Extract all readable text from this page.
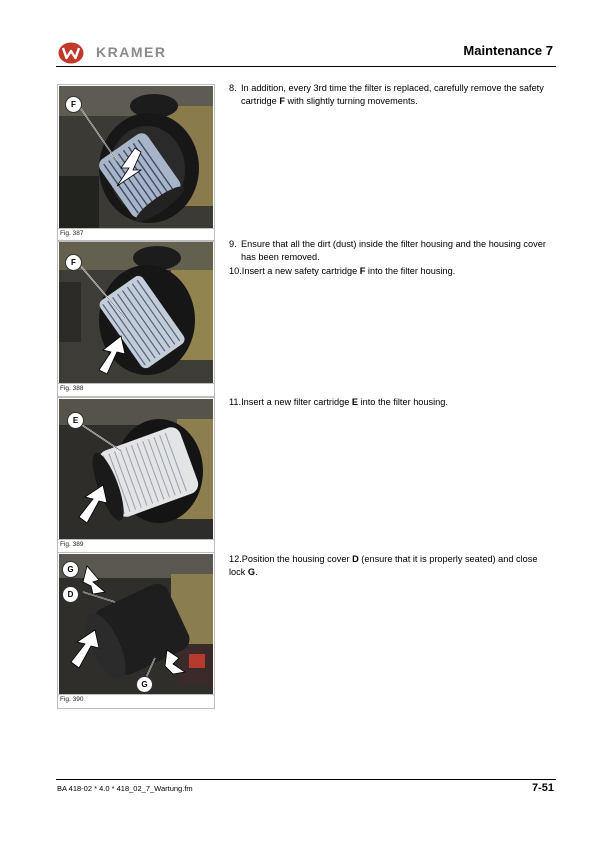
KRAMER	Maintenance 7
F
Fig. 387
F
Fig. 388
E
Fig. 389
G
D
G
Fig. 390
8. In addition, every 3rd time the filter is replaced, carefully remove the safety cartridge F with slightly turning movements.
9. Ensure that all the dirt (dust) inside the filter housing and the housing cover has been removed.
10.Insert a new safety cartridge F into the filter housing.
11.Insert a new filter cartridge E into the filter housing.
12.Position the housing cover D (ensure that it is properly seated) and close lock G.
BA 418-02 * 4.0 * 418_02_7_Wartung.fm	7-51
